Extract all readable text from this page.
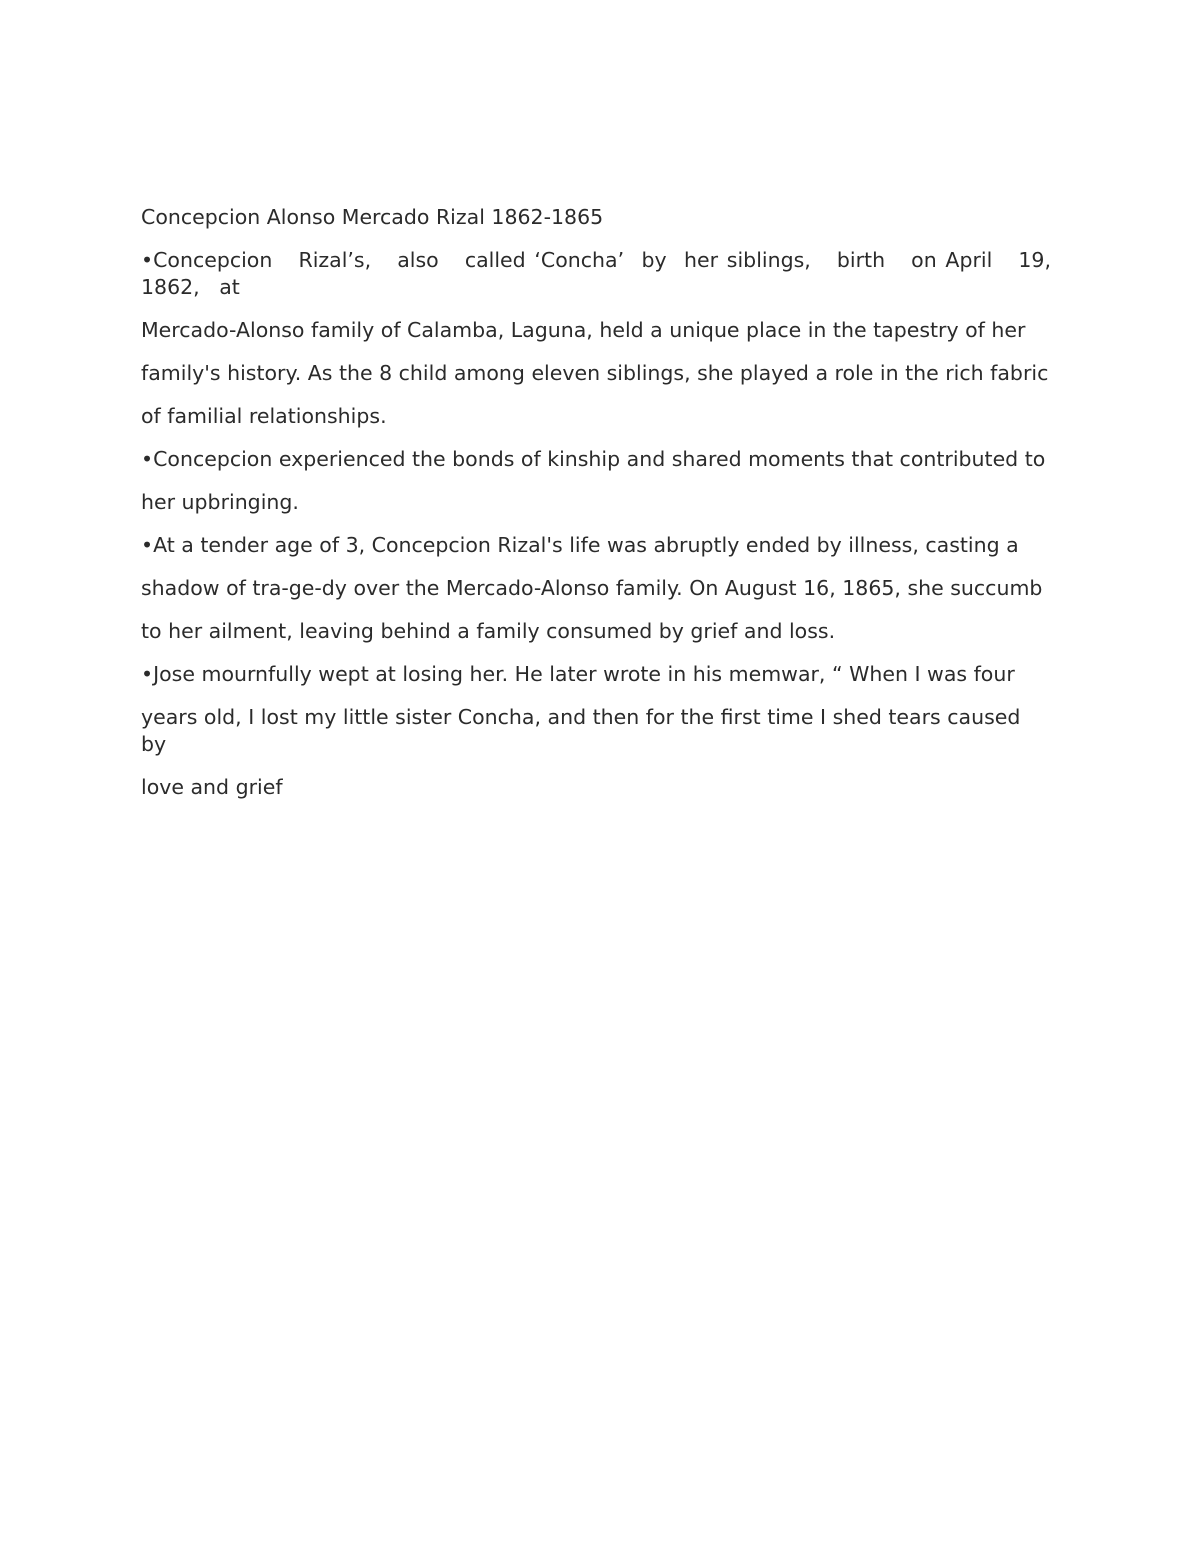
Concepcion Alonso Mercado Rizal 1862-1865

•Concepcion   Rizal’s,   also   called ‘Concha’  by  her siblings,   birth   on April   19, 1862,   at

Mercado-Alonso family of Calamba, Laguna, held a unique place in the tapestry of her

family's history. As the 8 child among eleven siblings, she played a role in the rich fabric

of familial relationships.

•Concepcion experienced the bonds of kinship and shared moments that contributed to

her upbringing.

•At a tender age of 3, Concepcion Rizal's life was abruptly ended by illness, casting a

shadow of tra-ge-dy over the Mercado-Alonso family. On August 16, 1865, she succumb

to her ailment, leaving behind a family consumed by grief and loss.

•Jose mournfully wept at losing her. He later wrote in his memwar, “ When I was four

years old, I lost my little sister Concha, and then for the first time I shed tears caused by

love and grief
